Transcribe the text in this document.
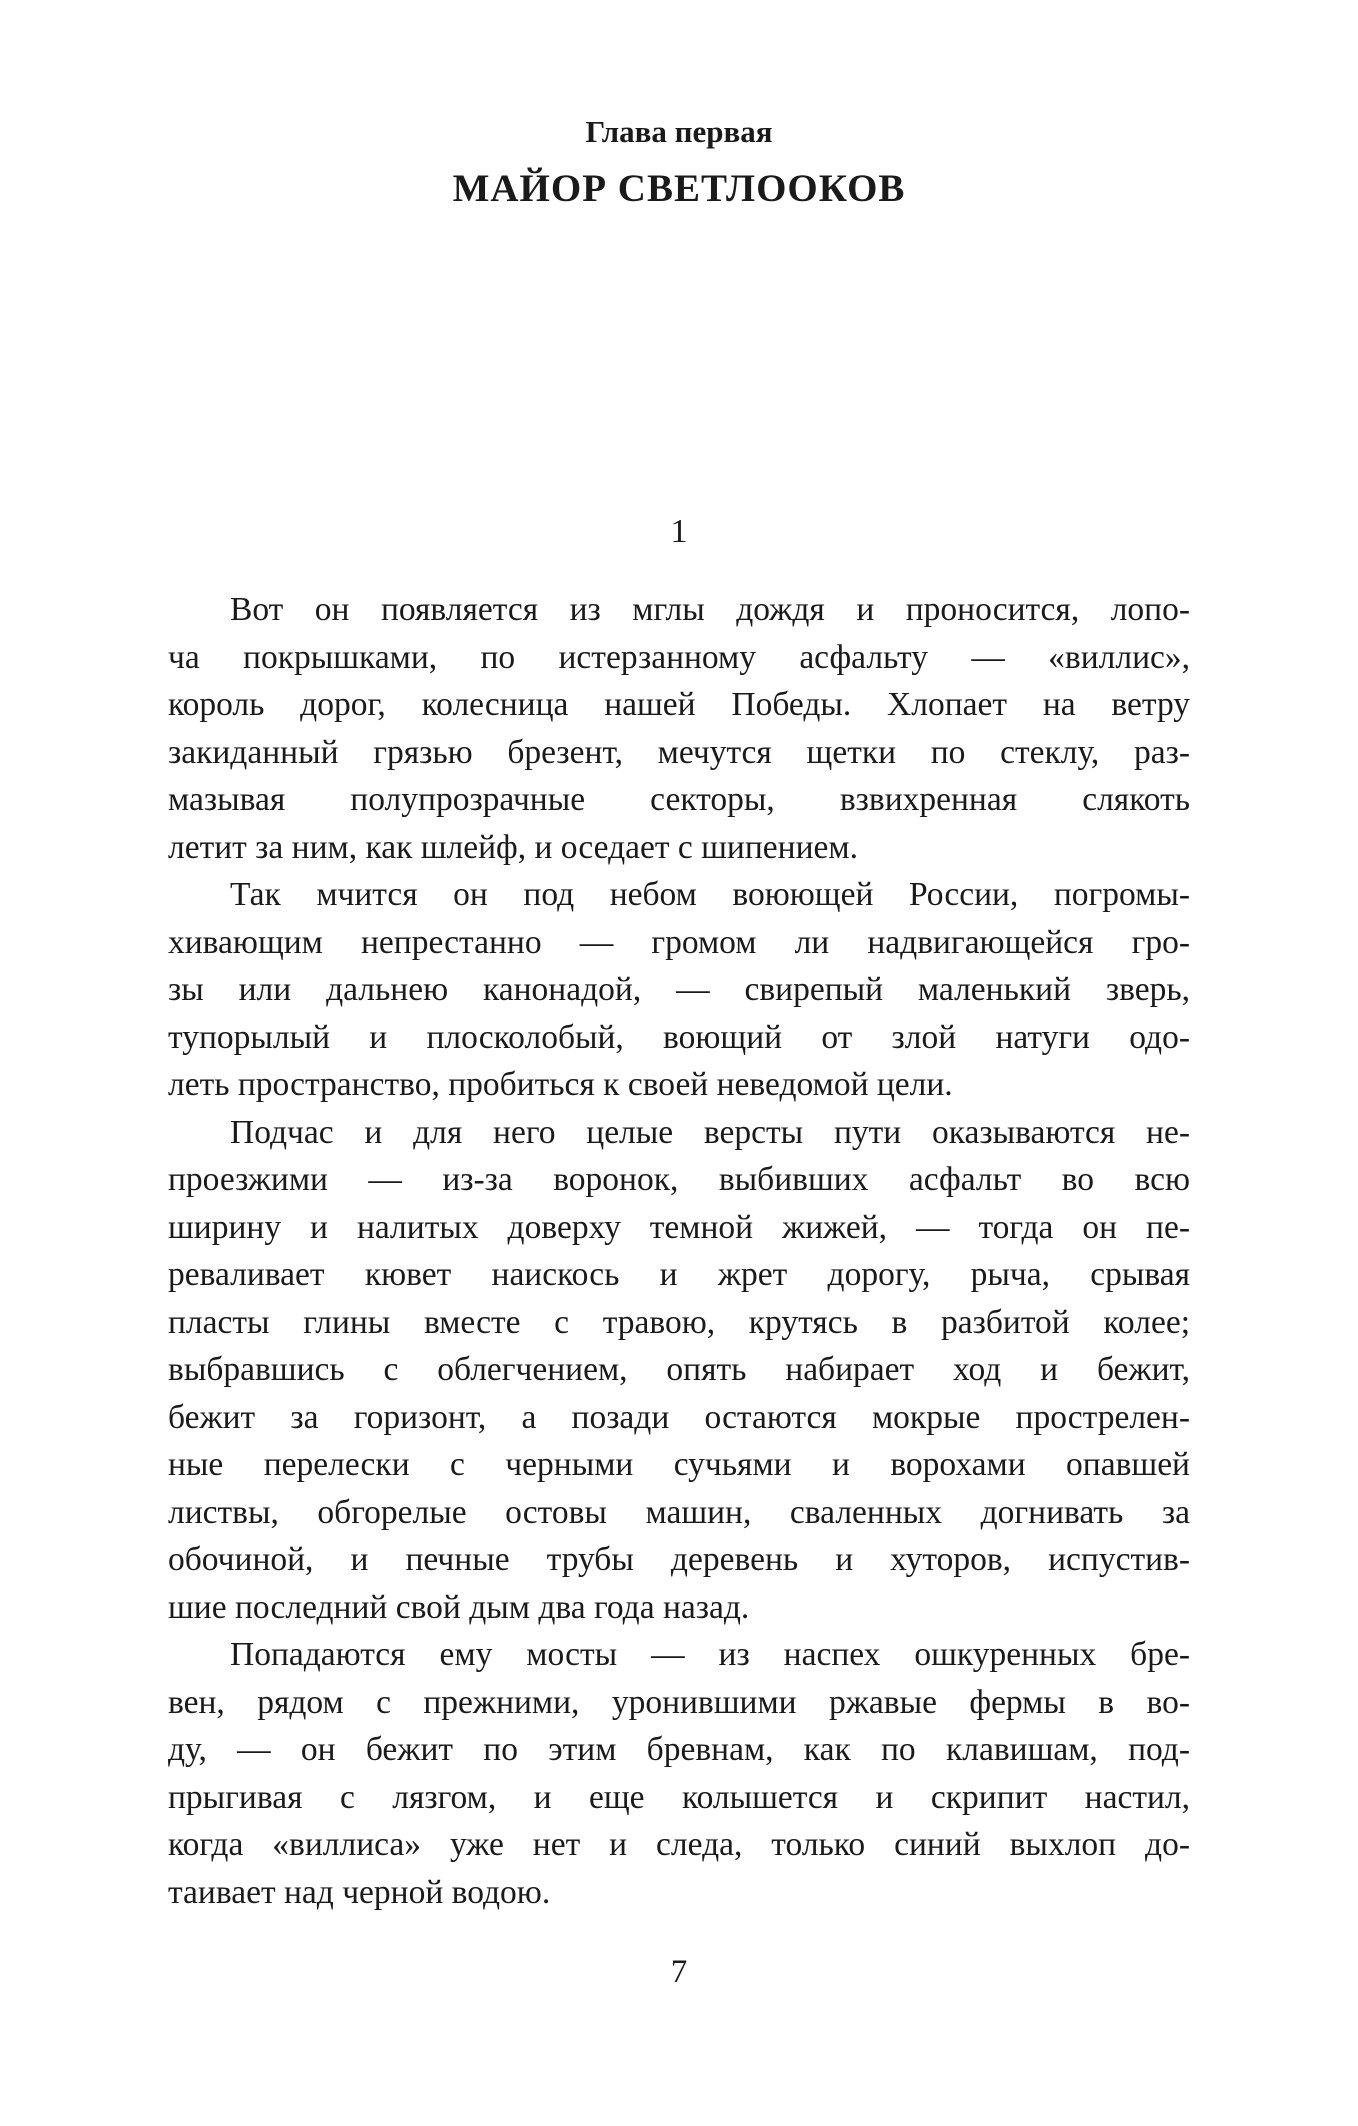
Глава первая
МАЙОР СВЕТЛООКОВ
1
Вот он появляется из мглы дождя и проносится, лопо-
ча покрышками, по истерзанному асфальту — «виллис»,
король дорог, колесница нашей Победы. Хлопает на ветру
закиданный грязью брезент, мечутся щетки по стеклу, раз-
мазывая полупрозрачные секторы, взвихренная слякоть
летит за ним, как шлейф, и оседает с шипением.
Так мчится он под небом воюющей России, погромы-
хивающим непрестанно — громом ли надвигающейся гро-
зы или дальнею канонадой, — свирепый маленький зверь,
тупорылый и плосколобый, воющий от злой натуги одо-
леть пространство, пробиться к своей неведомой цели.
Подчас и для него целые версты пути оказываются не-
проезжими — из-за воронок, выбивших асфальт во всю
ширину и налитых доверху темной жижей, — тогда он пе-
реваливает кювет наискось и жрет дорогу, рыча, срывая
пласты глины вместе с травою, крутясь в разбитой колее;
выбравшись с облегчением, опять набирает ход и бежит,
бежит за горизонт, а позади остаются мокрые прострелен-
ные перелески с черными сучьями и ворохами опавшей
листвы, обгорелые остовы машин, сваленных догнивать за
обочиной, и печные трубы деревень и хуторов, испустив-
шие последний свой дым два года назад.
Попадаются ему мосты — из наспех ошкуренных бре-
вен, рядом с прежними, уронившими ржавые фермы в во-
ду, — он бежит по этим бревнам, как по клавишам, под-
прыгивая с лязгом, и еще колышется и скрипит настил,
когда «виллиса» уже нет и следа, только синий выхлоп до-
таивает над черной водою.
7
